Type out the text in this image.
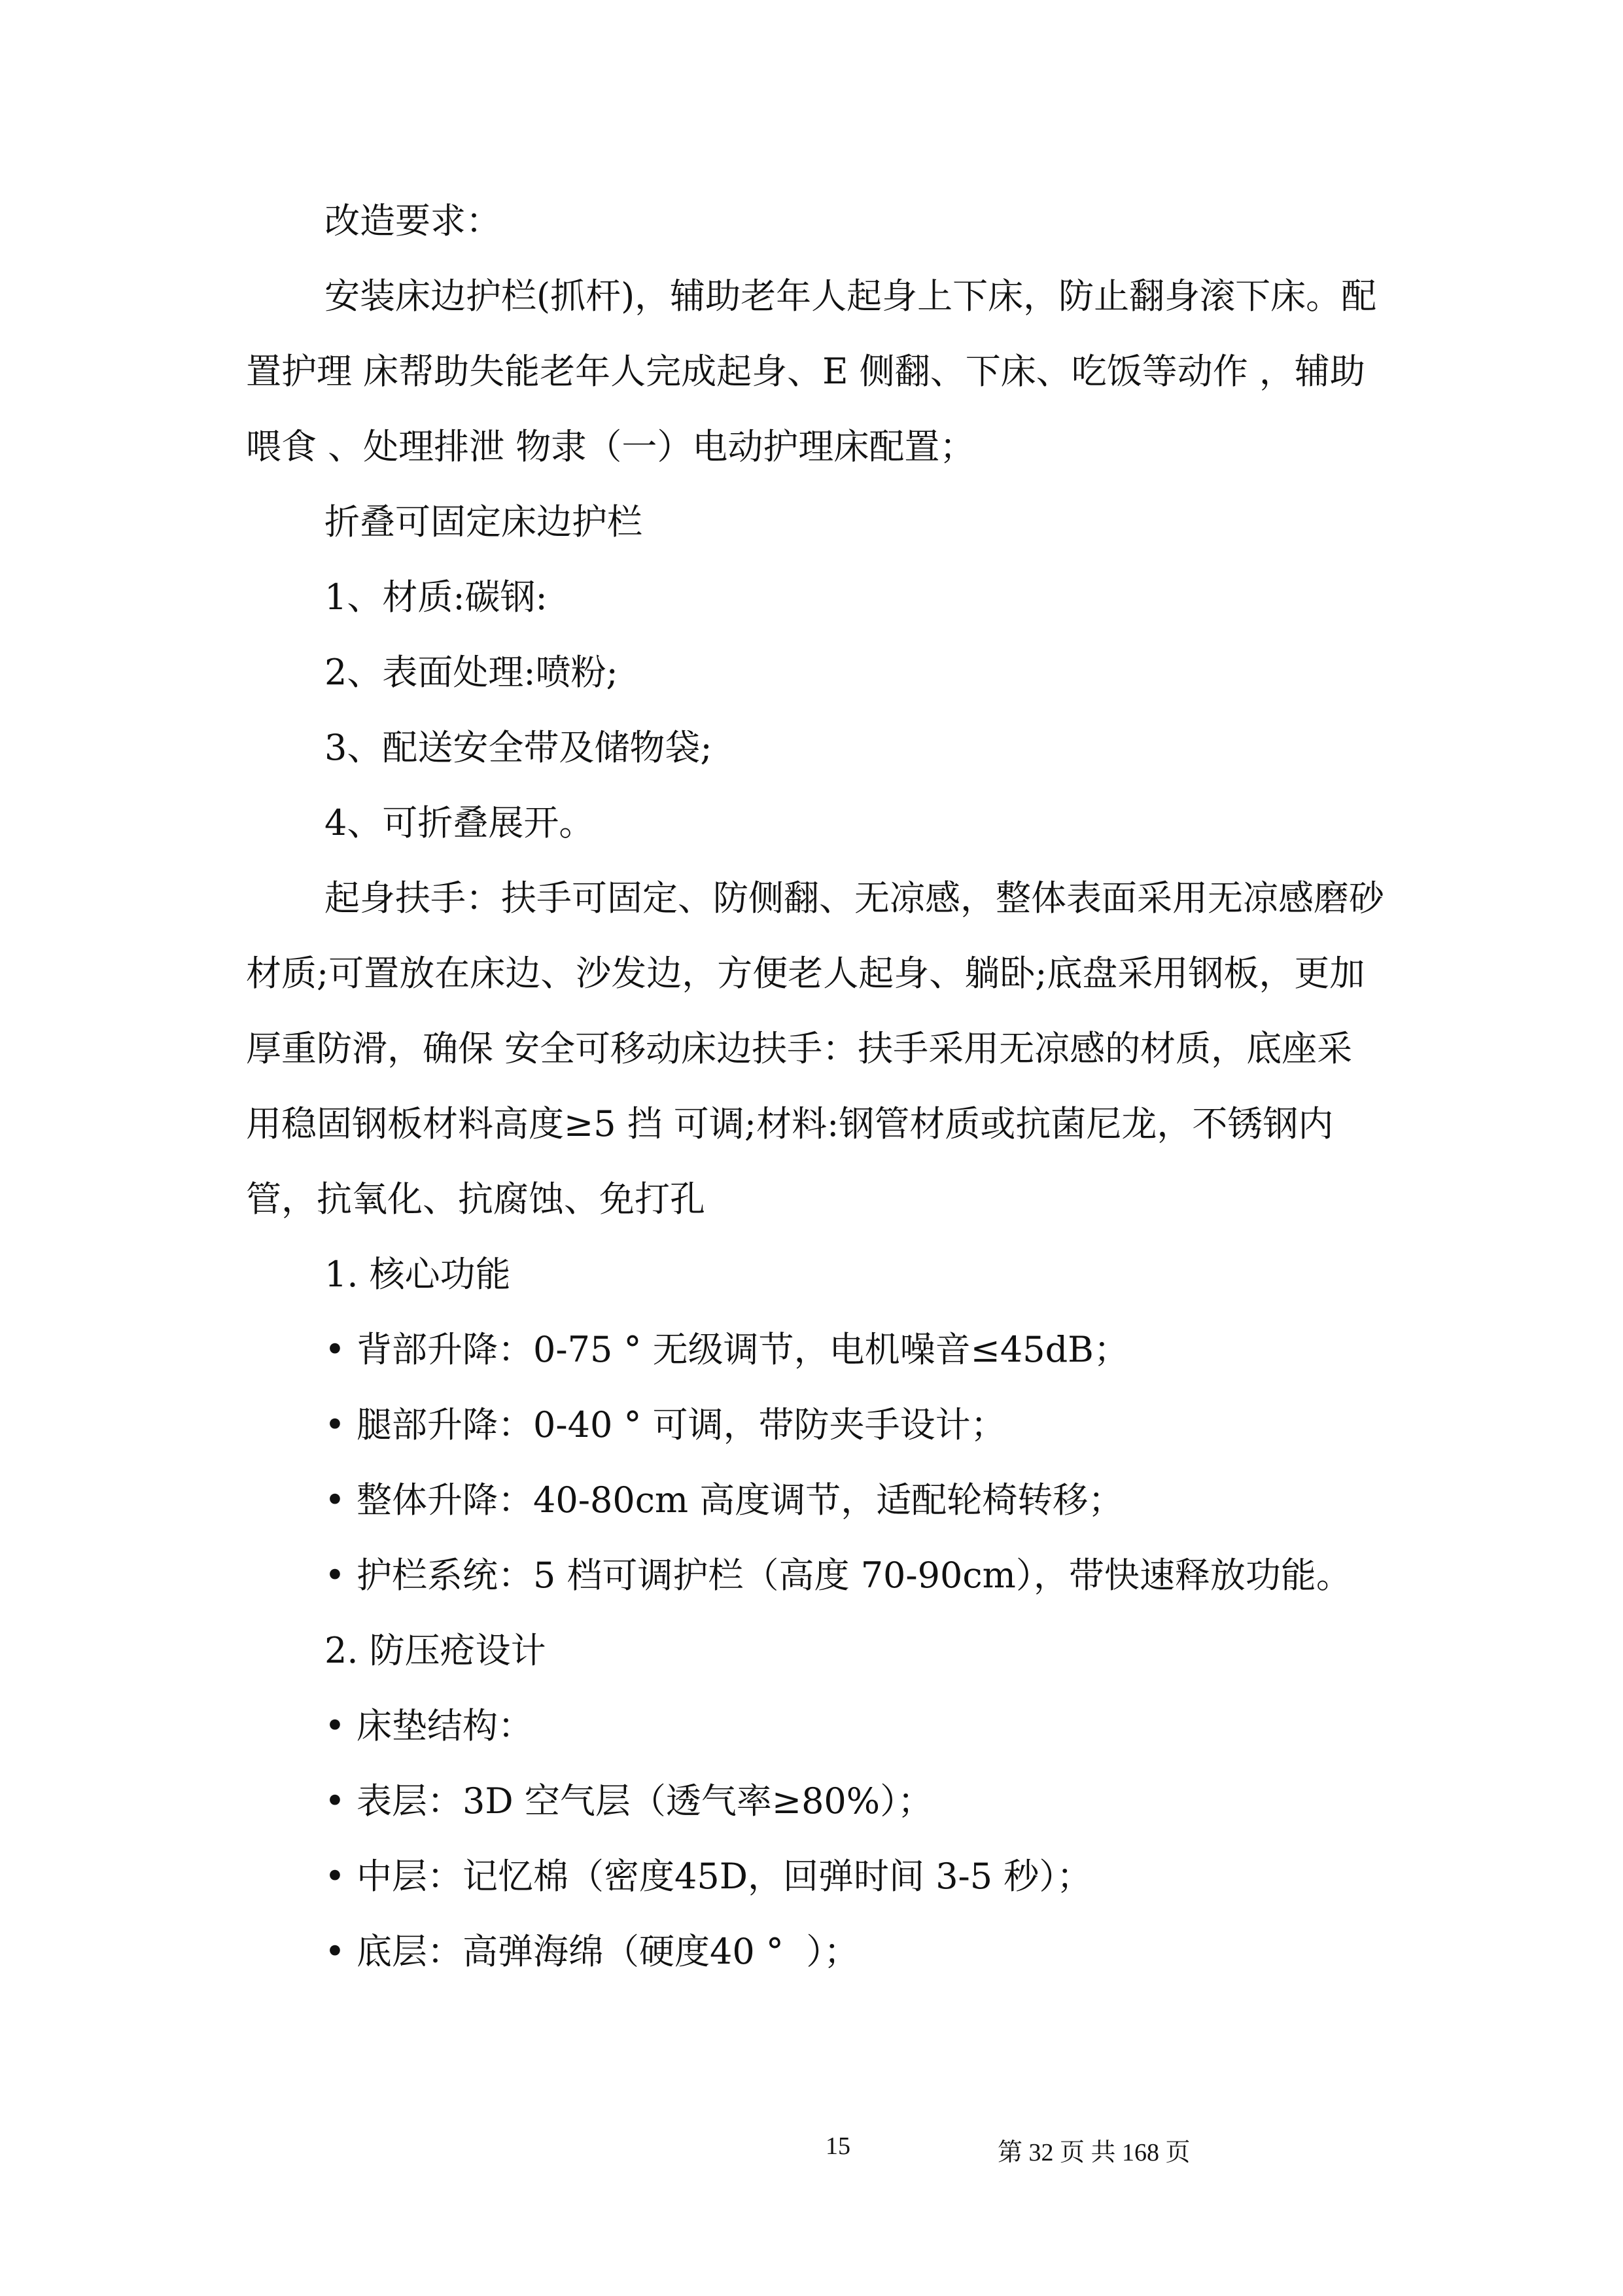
改造要求：

安装床边护栏(抓杆)，辅助老年人起身上下床，防止翻身滚下床。配置护理 床帮助失能老年人完成起身、E 侧翻、下床、吃饭等动作 ，辅助喂食 、处理排泄 物隶（一）电动护理床配置；

折叠可固定床边护栏

1、材质:碳钢:

2、表面处理:喷粉;

3、配送安全带及储物袋;

4、可折叠展开。

起身扶手：扶手可固定、防侧翻、无凉感，整体表面采用无凉感磨砂材质;可置放在床边、沙发边，方便老人起身、躺卧;底盘采用钢板，更加厚重防滑，确保 安全可移动床边扶手：扶手采用无凉感的材质，底座采用稳固钢板材料高度≥5 挡 可调;材料:钢管材质或抗菌尼龙，不锈钢内管，抗氧化、抗腐蚀、免打孔

1. 核心功能

• 背部升降：0-75 ° 无级调节，电机噪音≤45dB；

• 腿部升降：0-40 ° 可调，带防夹手设计；

• 整体升降：40-80cm 高度调节，适配轮椅转移；

• 护栏系统：5 档可调护栏（高度 70-90cm），带快速释放功能。

2. 防压疮设计

• 床垫结构：

• 表层：3D 空气层（透气率≥80%）；

• 中层：记忆棉（密度45D，回弹时间 3-5 秒）；

• 底层：高弹海绵（硬度40 °  ）；

15	第 32 页 共 168 页
